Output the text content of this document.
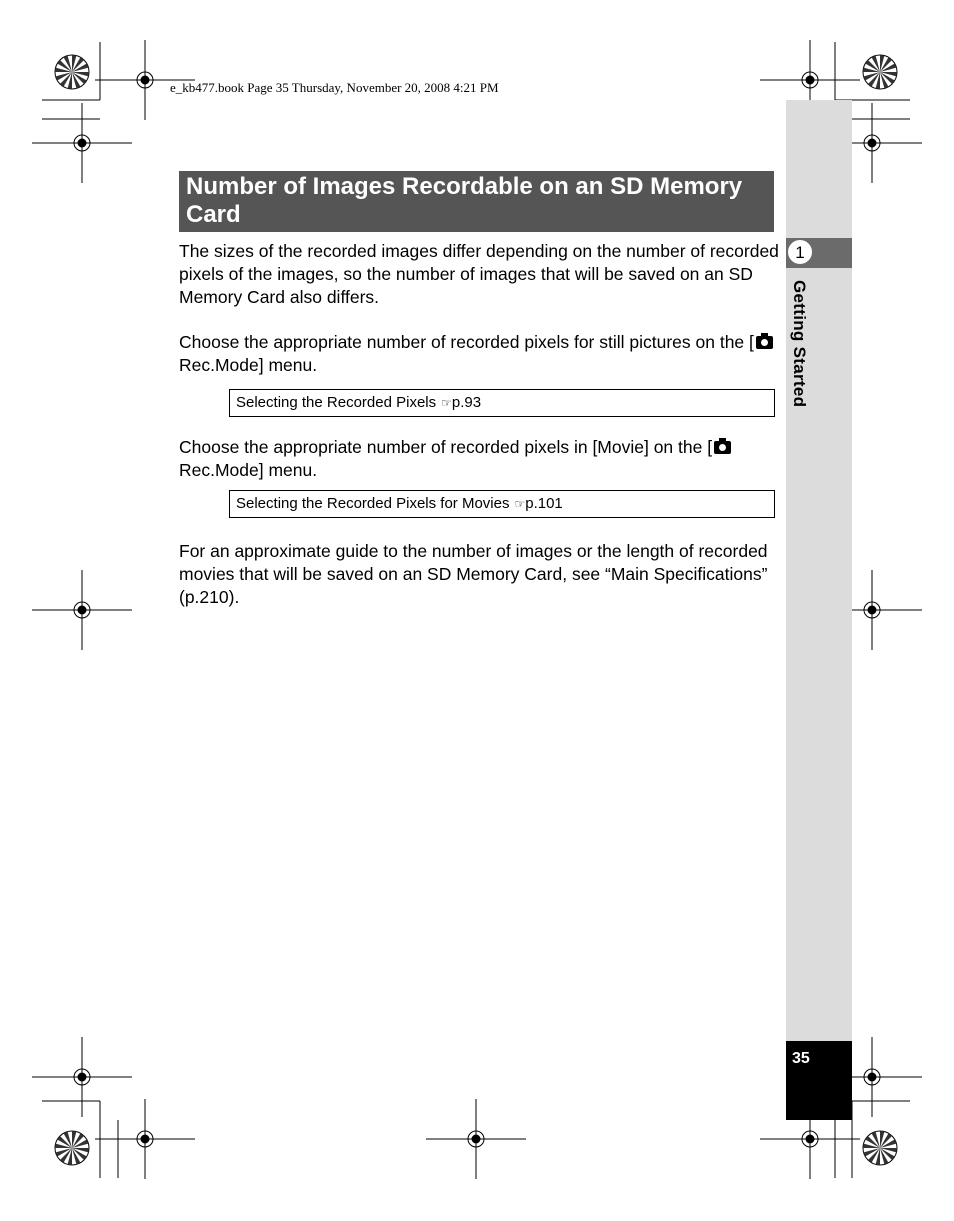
e_kb477.book Page 35 Thursday, November 20, 2008 4:21 PM
1
Getting Started
35
Number of Images Recordable on an SD Memory Card

The sizes of the recorded images differ depending on the number of recorded pixels of the images, so the number of images that will be saved on an SD Memory Card also differs.

Choose the appropriate number of recorded pixels for still pictures on the [ Rec.Mode] menu.

Selecting the Recorded Pixels ☞p.93

Choose the appropriate number of recorded pixels in [Movie] on the [ Rec.Mode] menu.

Selecting the Recorded Pixels for Movies ☞p.101

For an approximate guide to the number of images or the length of recorded movies that will be saved on an SD Memory Card, see “Main Specifications” (p.210).
